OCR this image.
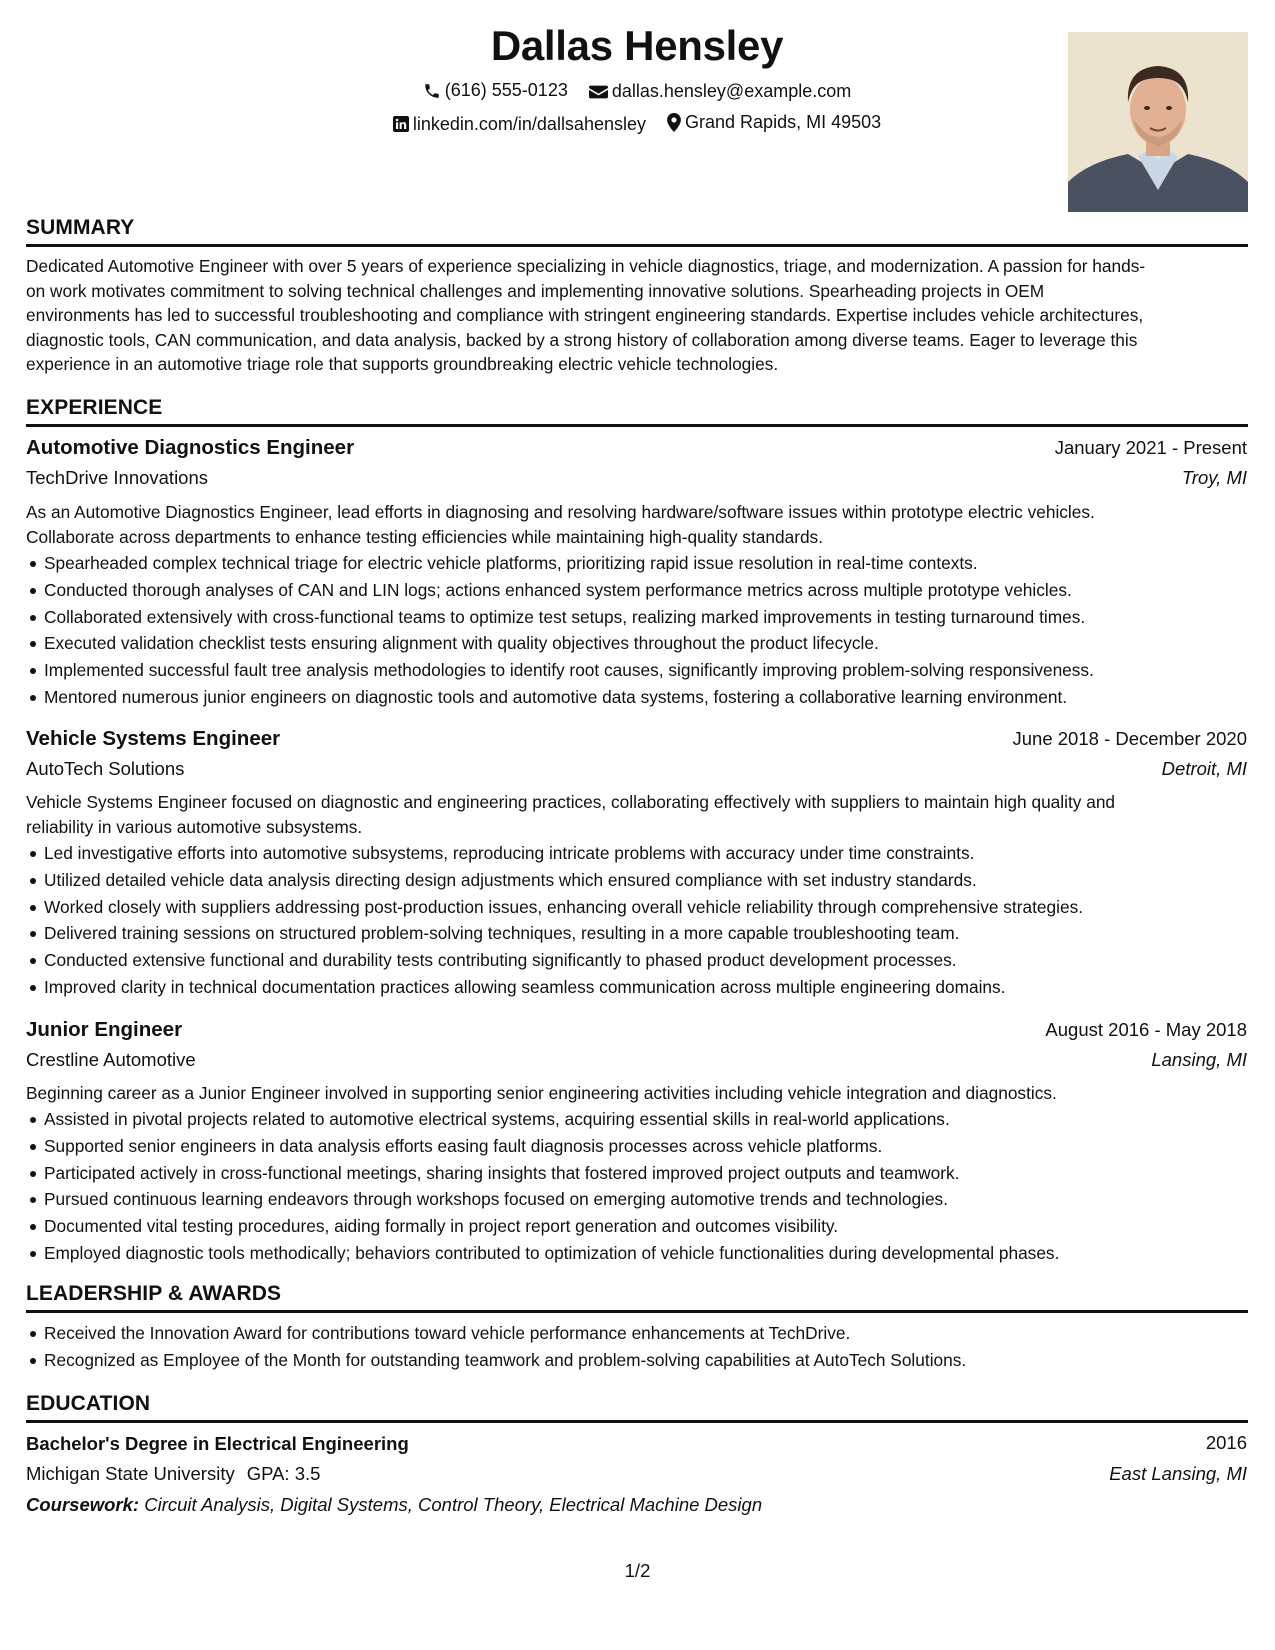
Dallas Hensley
(616) 555-0123
dallas.hensley@example.com
linkedin.com/in/dallsahensley
Grand Rapids, MI 49503
SUMMARY
Dedicated Automotive Engineer with over 5 years of experience specializing in vehicle diagnostics, triage, and modernization. A passion for hands-
on work motivates commitment to solving technical challenges and implementing innovative solutions. Spearheading projects in OEM
environments has led to successful troubleshooting and compliance with stringent engineering standards. Expertise includes vehicle architectures,
diagnostic tools, CAN communication, and data analysis, backed by a strong history of collaboration among diverse teams. Eager to leverage this
experience in an automotive triage role that supports groundbreaking electric vehicle technologies.
EXPERIENCE
Automotive Diagnostics Engineer	January 2021 - Present
TechDrive Innovations	Troy, MI
As an Automotive Diagnostics Engineer, lead efforts in diagnosing and resolving hardware/software issues within prototype electric vehicles.
Collaborate across departments to enhance testing efficiencies while maintaining high-quality standards.
Spearheaded complex technical triage for electric vehicle platforms, prioritizing rapid issue resolution in real-time contexts.
Conducted thorough analyses of CAN and LIN logs; actions enhanced system performance metrics across multiple prototype vehicles.
Collaborated extensively with cross-functional teams to optimize test setups, realizing marked improvements in testing turnaround times.
Executed validation checklist tests ensuring alignment with quality objectives throughout the product lifecycle.
Implemented successful fault tree analysis methodologies to identify root causes, significantly improving problem-solving responsiveness.
Mentored numerous junior engineers on diagnostic tools and automotive data systems, fostering a collaborative learning environment.
Vehicle Systems Engineer	June 2018 - December 2020
AutoTech Solutions	Detroit, MI
Vehicle Systems Engineer focused on diagnostic and engineering practices, collaborating effectively with suppliers to maintain high quality and
reliability in various automotive subsystems.
Led investigative efforts into automotive subsystems, reproducing intricate problems with accuracy under time constraints.
Utilized detailed vehicle data analysis directing design adjustments which ensured compliance with set industry standards.
Worked closely with suppliers addressing post-production issues, enhancing overall vehicle reliability through comprehensive strategies.
Delivered training sessions on structured problem-solving techniques, resulting in a more capable troubleshooting team.
Conducted extensive functional and durability tests contributing significantly to phased product development processes.
Improved clarity in technical documentation practices allowing seamless communication across multiple engineering domains.
Junior Engineer	August 2016 - May 2018
Crestline Automotive	Lansing, MI
Beginning career as a Junior Engineer involved in supporting senior engineering activities including vehicle integration and diagnostics.
Assisted in pivotal projects related to automotive electrical systems, acquiring essential skills in real-world applications.
Supported senior engineers in data analysis efforts easing fault diagnosis processes across vehicle platforms.
Participated actively in cross-functional meetings, sharing insights that fostered improved project outputs and teamwork.
Pursued continuous learning endeavors through workshops focused on emerging automotive trends and technologies.
Documented vital testing procedures, aiding formally in project report generation and outcomes visibility.
Employed diagnostic tools methodically; behaviors contributed to optimization of vehicle functionalities during developmental phases.
LEADERSHIP & AWARDS
Received the Innovation Award for contributions toward vehicle performance enhancements at TechDrive.
Recognized as Employee of the Month for outstanding teamwork and problem-solving capabilities at AutoTech Solutions.
EDUCATION
Bachelor's Degree in Electrical Engineering	2016
Michigan State University GPA: 3.5	East Lansing, MI
Coursework: Circuit Analysis, Digital Systems, Control Theory, Electrical Machine Design
1/2
